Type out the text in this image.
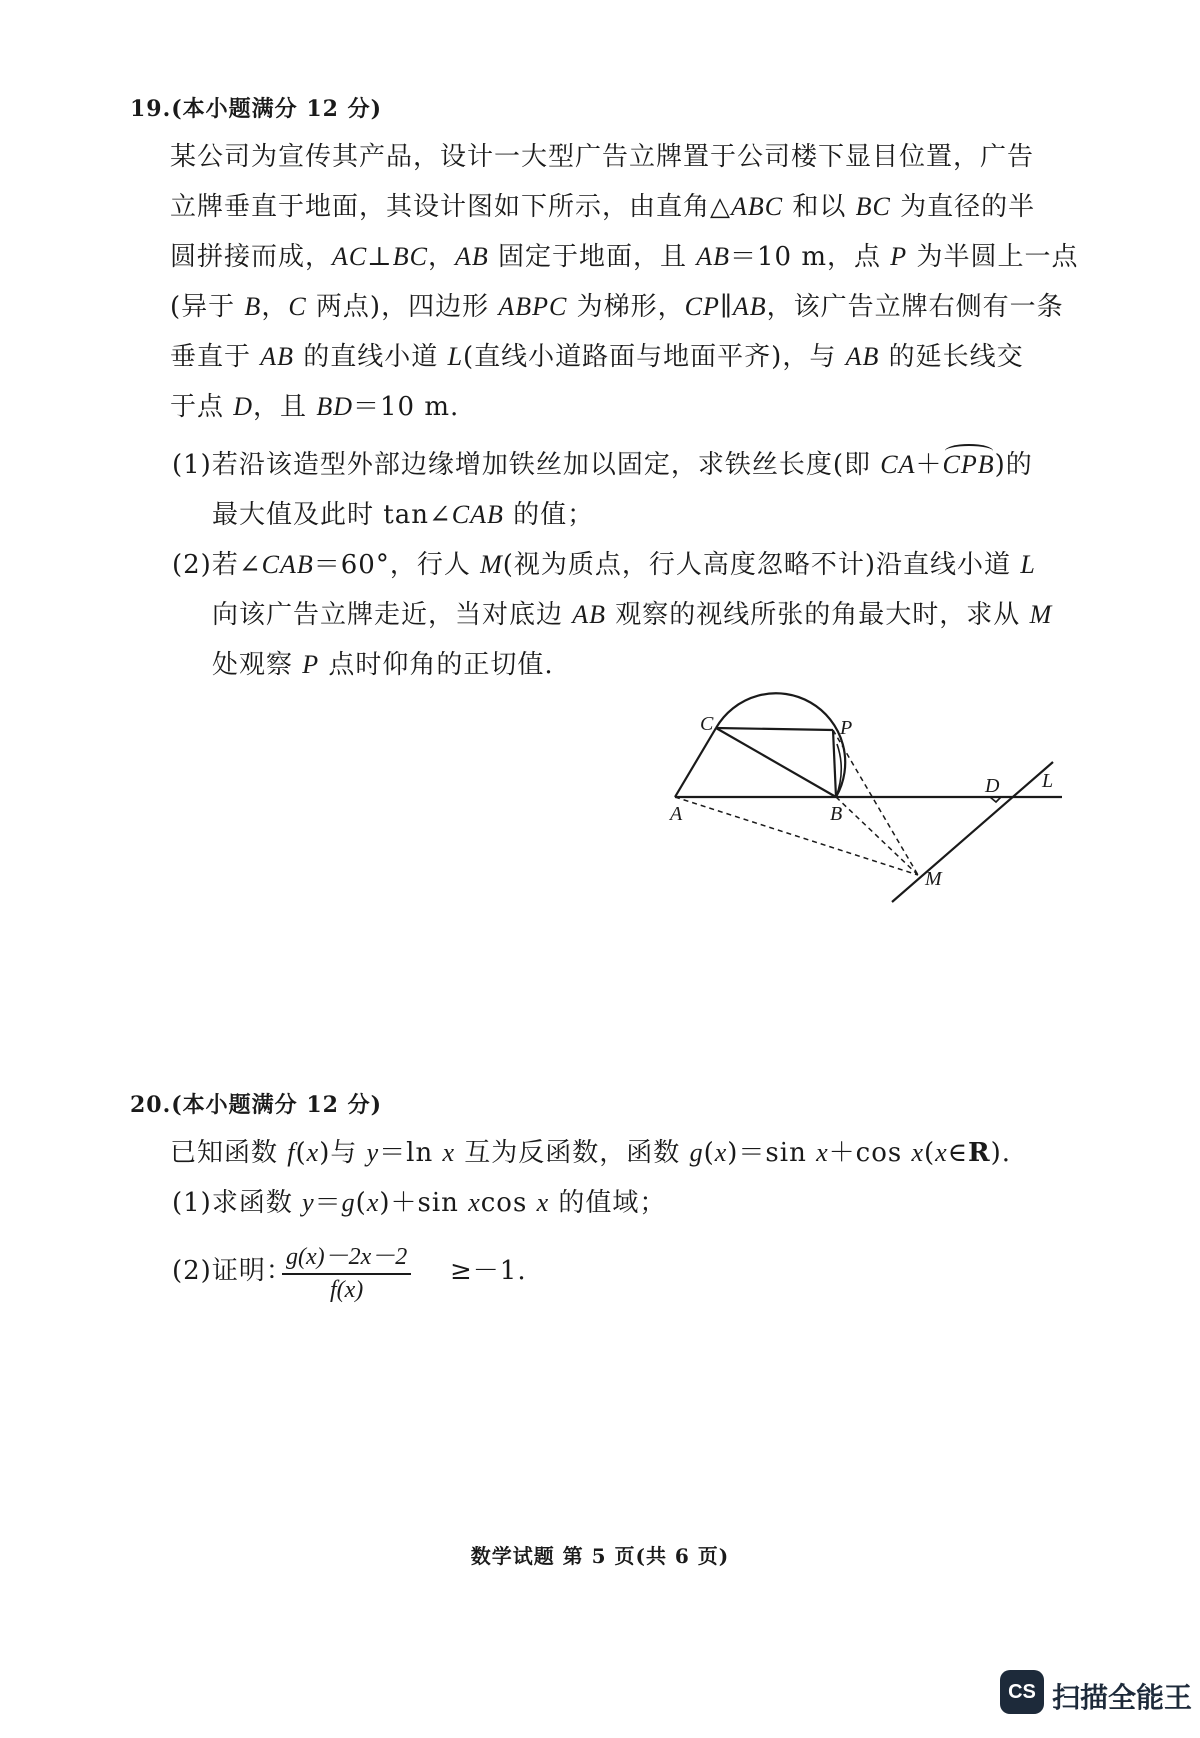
19.(本小题满分 12 分)
某公司为宣传其产品，设计一大型广告立牌置于公司楼下显目位置，广告
立牌垂直于地面，其设计图如下所示，由直角△ABC 和以 BC 为直径的半
圆拼接而成，AC⊥BC，AB 固定于地面，且 AB＝10 m，点 P 为半圆上一点
(异于 B，C 两点)，四边形 ABPC 为梯形，CP∥AB，该广告立牌右侧有一条
垂直于 AB 的直线小道 L(直线小道路面与地面平齐)，与 AB 的延长线交
于点 D，且 BD＝10 m.
(1)若沿该造型外部边缘增加铁丝加以固定，求铁丝长度(即 CA＋CPB)的
最大值及此时 tan∠CAB 的值；
(2)若∠CAB＝60°，行人 M(视为质点，行人高度忽略不计)沿直线小道 L
向该广告立牌走近，当对底边 AB 观察的视线所张的角最大时，求从 M
处观察 P 点时仰角的正切值.
C	P
A	B
D L
M
20.(本小题满分 12 分)
已知函数 f(x)与 y＝ln x 互为反函数，函数 g(x)＝sin x＋cos x(x∈R).
(1)求函数 y＝g(x)＋sin xcos x 的值域；
(2)证明：
$\frac{g(x)-2x-2}{f(x)} \ge-1$.
数学试题 第 5 页(共 6 页)
CS 扫描全能王
